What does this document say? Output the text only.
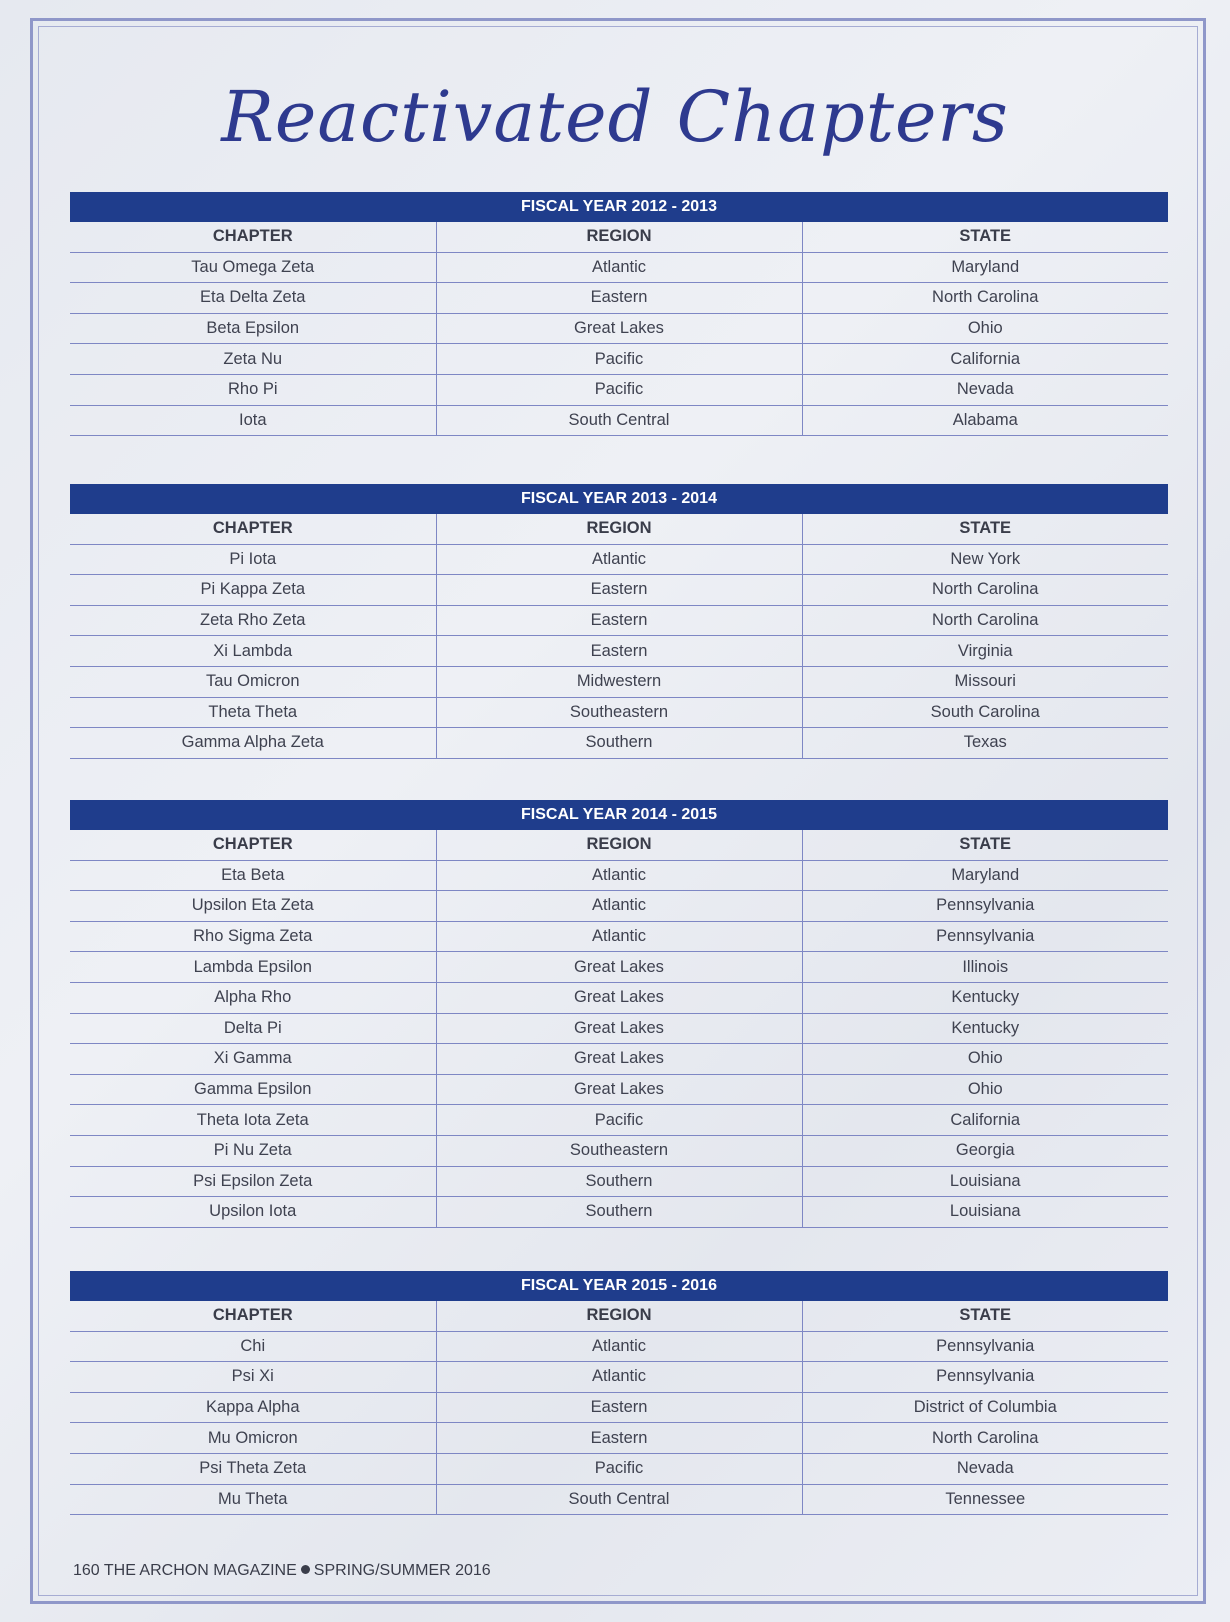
Reactivated Chapters
FISCAL YEAR 2012 - 2013
CHAPTER	REGION	STATE
Tau Omega Zeta	Atlantic	Maryland
Eta Delta Zeta	Eastern	North Carolina
Beta Epsilon	Great Lakes	Ohio
Zeta Nu	Pacific	California
Rho Pi	Pacific	Nevada
Iota	South Central	Alabama
FISCAL YEAR 2013 - 2014
CHAPTER	REGION	STATE
Pi Iota	Atlantic	New York
Pi Kappa Zeta	Eastern	North Carolina
Zeta Rho Zeta	Eastern	North Carolina
Xi Lambda	Eastern	Virginia
Tau Omicron	Midwestern	Missouri
Theta Theta	Southeastern	South Carolina
Gamma Alpha Zeta	Southern	Texas
FISCAL YEAR 2014 - 2015
CHAPTER	REGION	STATE
Eta Beta	Atlantic	Maryland
Upsilon Eta Zeta	Atlantic	Pennsylvania
Rho Sigma Zeta	Atlantic	Pennsylvania
Lambda Epsilon	Great Lakes	Illinois
Alpha Rho	Great Lakes	Kentucky
Delta Pi	Great Lakes	Kentucky
Xi Gamma	Great Lakes	Ohio
Gamma Epsilon	Great Lakes	Ohio
Theta Iota Zeta	Pacific	California
Pi Nu Zeta	Southeastern	Georgia
Psi Epsilon Zeta	Southern	Louisiana
Upsilon Iota	Southern	Louisiana
FISCAL YEAR 2015 - 2016
CHAPTER	REGION	STATE
Chi	Atlantic	Pennsylvania
Psi Xi	Atlantic	Pennsylvania
Kappa Alpha	Eastern	District of Columbia
Mu Omicron	Eastern	North Carolina
Psi Theta Zeta	Pacific	Nevada
Mu Theta	South Central	Tennessee
160 THE ARCHON MAGAZINE SPRING/SUMMER 2016
